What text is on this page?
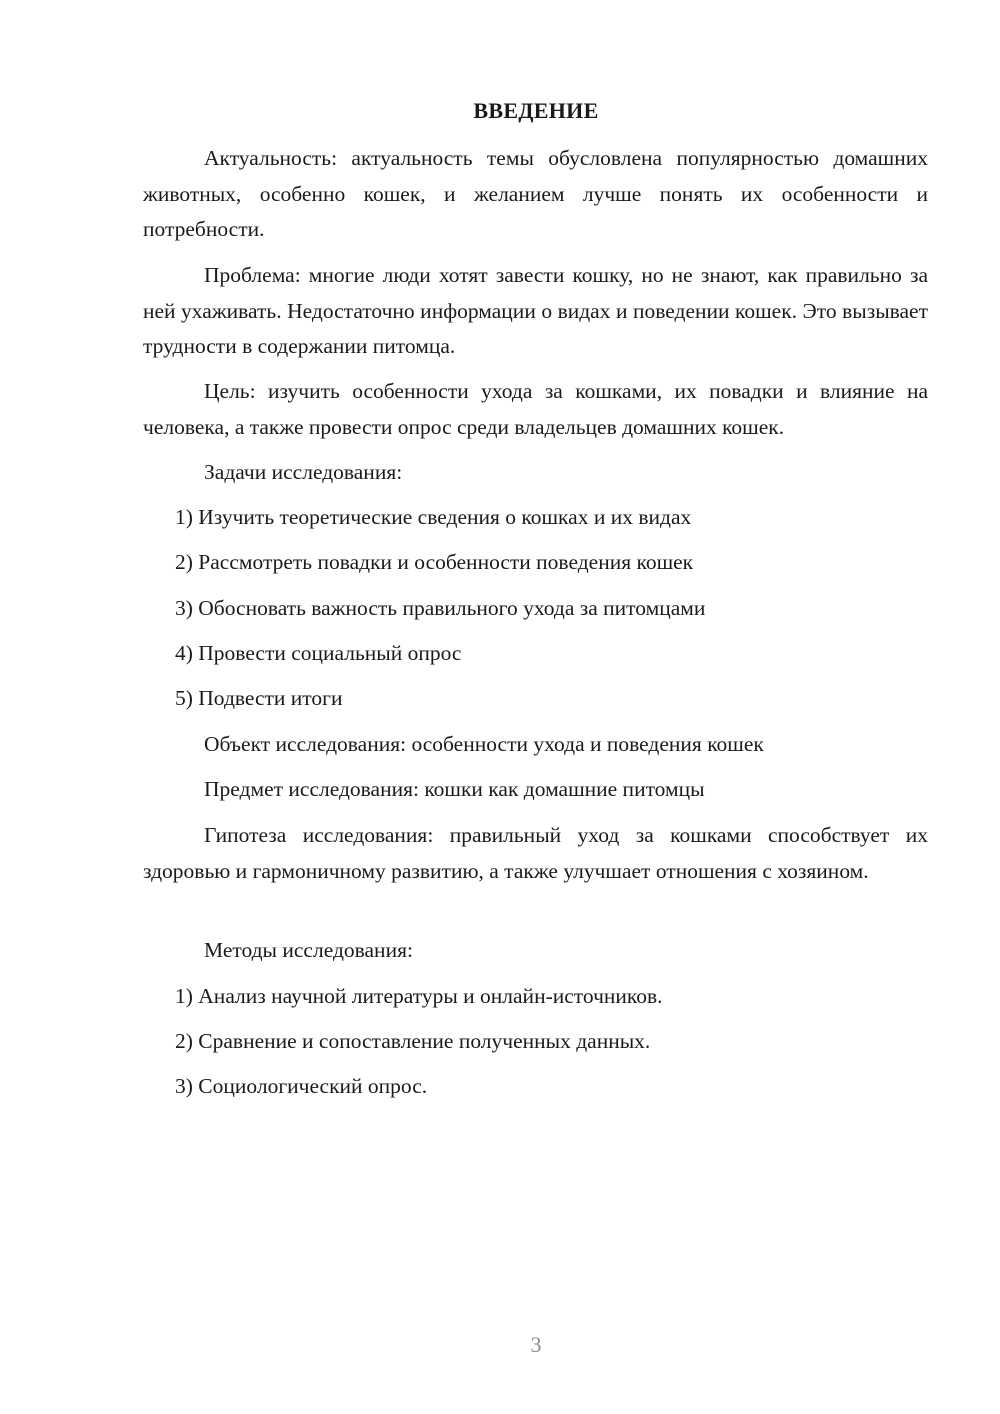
ВВЕДЕНИЕ

Актуальность: актуальность темы обусловлена популярностью домашних животных, особенно кошек, и желанием лучше понять их особенности и потребности.

Проблема: многие люди хотят завести кошку, но не знают, как правильно за ней ухаживать. Недостаточно информации о видах и поведении кошек. Это вызывает трудности в содержании питомца.

Цель: изучить особенности ухода за кошками, их повадки и влияние на человека, а также провести опрос среди владельцев домашних кошек.

Задачи исследования:

1) Изучить теоретические сведения о кошках и их видах

2) Рассмотреть повадки и особенности поведения кошек

3) Обосновать важность правильного ухода за питомцами

4) Провести социальный опрос

5) Подвести итоги

Объект исследования: особенности ухода и поведения кошек

Предмет исследования: кошки как домашние питомцы

Гипотеза исследования: правильный уход за кошками способствует их здоровью и гармоничному развитию, а также улучшает отношения с хозяином.

Методы исследования:

1) Анализ научной литературы и онлайн-источников.

2) Сравнение и сопоставление полученных данных.

3) Социологический опрос.

3
